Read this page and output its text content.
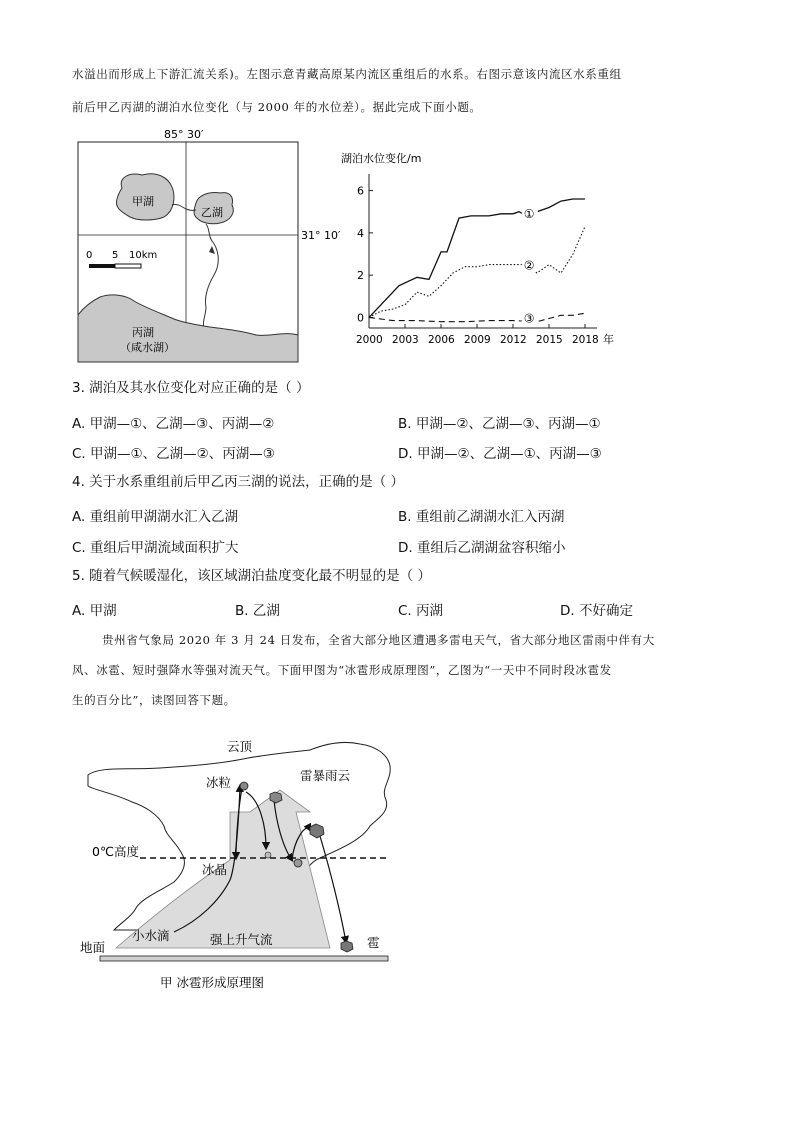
水溢出而形成上下游汇流关系)。左图示意青藏高原某内流区重组后的水系。右图示意该内流区水系重组
前后甲乙丙湖的湖泊水位变化（与 2000 年的水位差）。据此完成下面小题。
85° 30′
31° 10′
甲湖
乙湖
丙湖
（咸水湖）
0 5 10km
湖泊水位变化/m
0
2
4
6
2000 2003 2006 2009 2012 2015 2018 年
①
②
③
3. 湖泊及其水位变化对应正确的是（ ）
A. 甲湖—①、乙湖—③、丙湖—②	B. 甲湖—②、乙湖—③、丙湖—①
C. 甲湖—①、乙湖—②、丙湖—③	D. 甲湖—②、乙湖—①、丙湖—③
4. 关于水系重组前后甲乙丙三湖的说法，正确的是（ ）
A. 重组前甲湖湖水汇入乙湖	B. 重组前乙湖湖水汇入丙湖
C. 重组后甲湖流域面积扩大	D. 重组后乙湖湖盆容积缩小
5. 随着气候暖湿化，该区域湖泊盐度变化最不明显的是（ ）
A. 甲湖	B. 乙湖	C. 丙湖	D. 不好确定
贵州省气象局 2020 年 3 月 24 日发布，全省大部分地区遭遇多雷电天气，省大部分地区雷雨中伴有大
风、冰雹、短时强降水等强对流天气。下面甲图为“冰雹形成原理图”，乙图为“一天中不同时段冰雹发
生的百分比”，读图回答下题。
云顶
雷暴雨云
0℃高度
冰粒
冰晶
小水滴	强上升气流
地面	雹
甲 冰雹形成原理图
